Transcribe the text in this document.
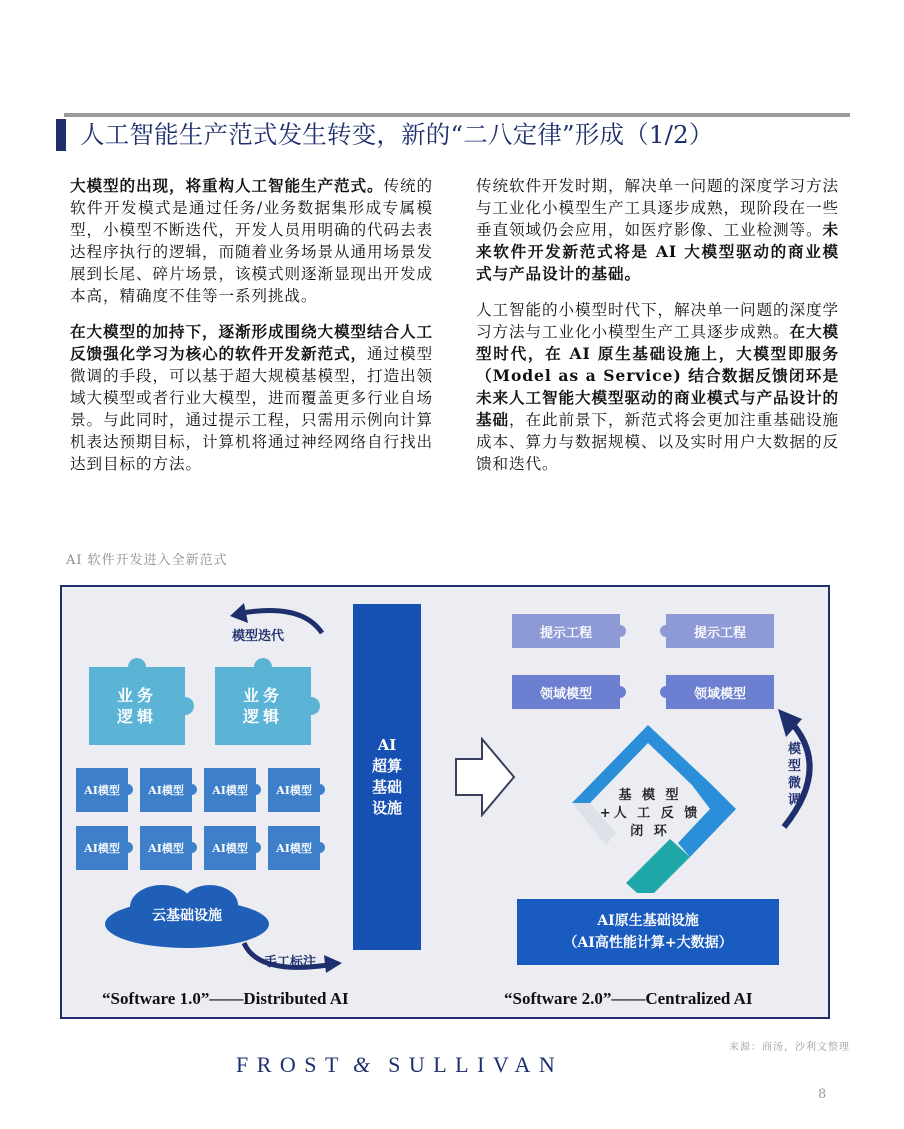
人工智能生产范式发生转变，新的“二八定律”形成（1/2）

大模型的出现，将重构人工智能生产范式。传统的软件开发模式是通过任务/业务数据集形成专属模型，小模型不断迭代，开发人员用明确的代码去表达程序执行的逻辑，而随着业务场景从通用场景发展到长尾、碎片场景，该模式则逐渐显现出开发成本高，精确度不佳等一系列挑战。

在大模型的加持下，逐渐形成围绕大模型结合人工反馈强化学习为核心的软件开发新范式，通过模型微调的手段，可以基于超大规模基模型，打造出领域大模型或者行业大模型，进而覆盖更多行业自场景。与此同时，通过提示工程，只需用示例向计算机表达预期目标，计算机将通过神经网络自行找出达到目标的方法。

传统软件开发时期，解决单一问题的深度学习方法与工业化小模型生产工具逐步成熟，现阶段在一些垂直领域仍会应用，如医疗影像、工业检测等。未来软件开发新范式将是 AI 大模型驱动的商业模式与产品设计的基础。

人工智能的小模型时代下，解决单一问题的深度学习方法与工业化小模型生产工具逐步成熟。在大模型时代，在 AI 原生基础设施上，大模型即服务（Model as a Service) 结合数据反馈闭环是未来人工智能大模型驱动的商业模式与产品设计的基础，在此前景下，新范式将会更加注重基础设施成本、算力与数据规模、以及实时用户大数据的反馈和迭代。

AI 软件开发进入全新范式
模型迭代
业务
逻辑
业务
逻辑
AI模型	AI模型	AI模型	AI模型
AI模型	AI模型	AI模型	AI模型
云基础设施
手工标注
AI
超算
基础
设施
“Software 1.0”——Distributed AI
提示工程	提示工程
领域模型	领域模型
模
型
微
调
基 模 型
+人 工 反 馈
闭 环
AI原生基础设施
（AI高性能计算+大数据）
“Software 2.0”——Centralized AI
来源：商汤，沙利文整理
FROST & SULLIVAN
8
